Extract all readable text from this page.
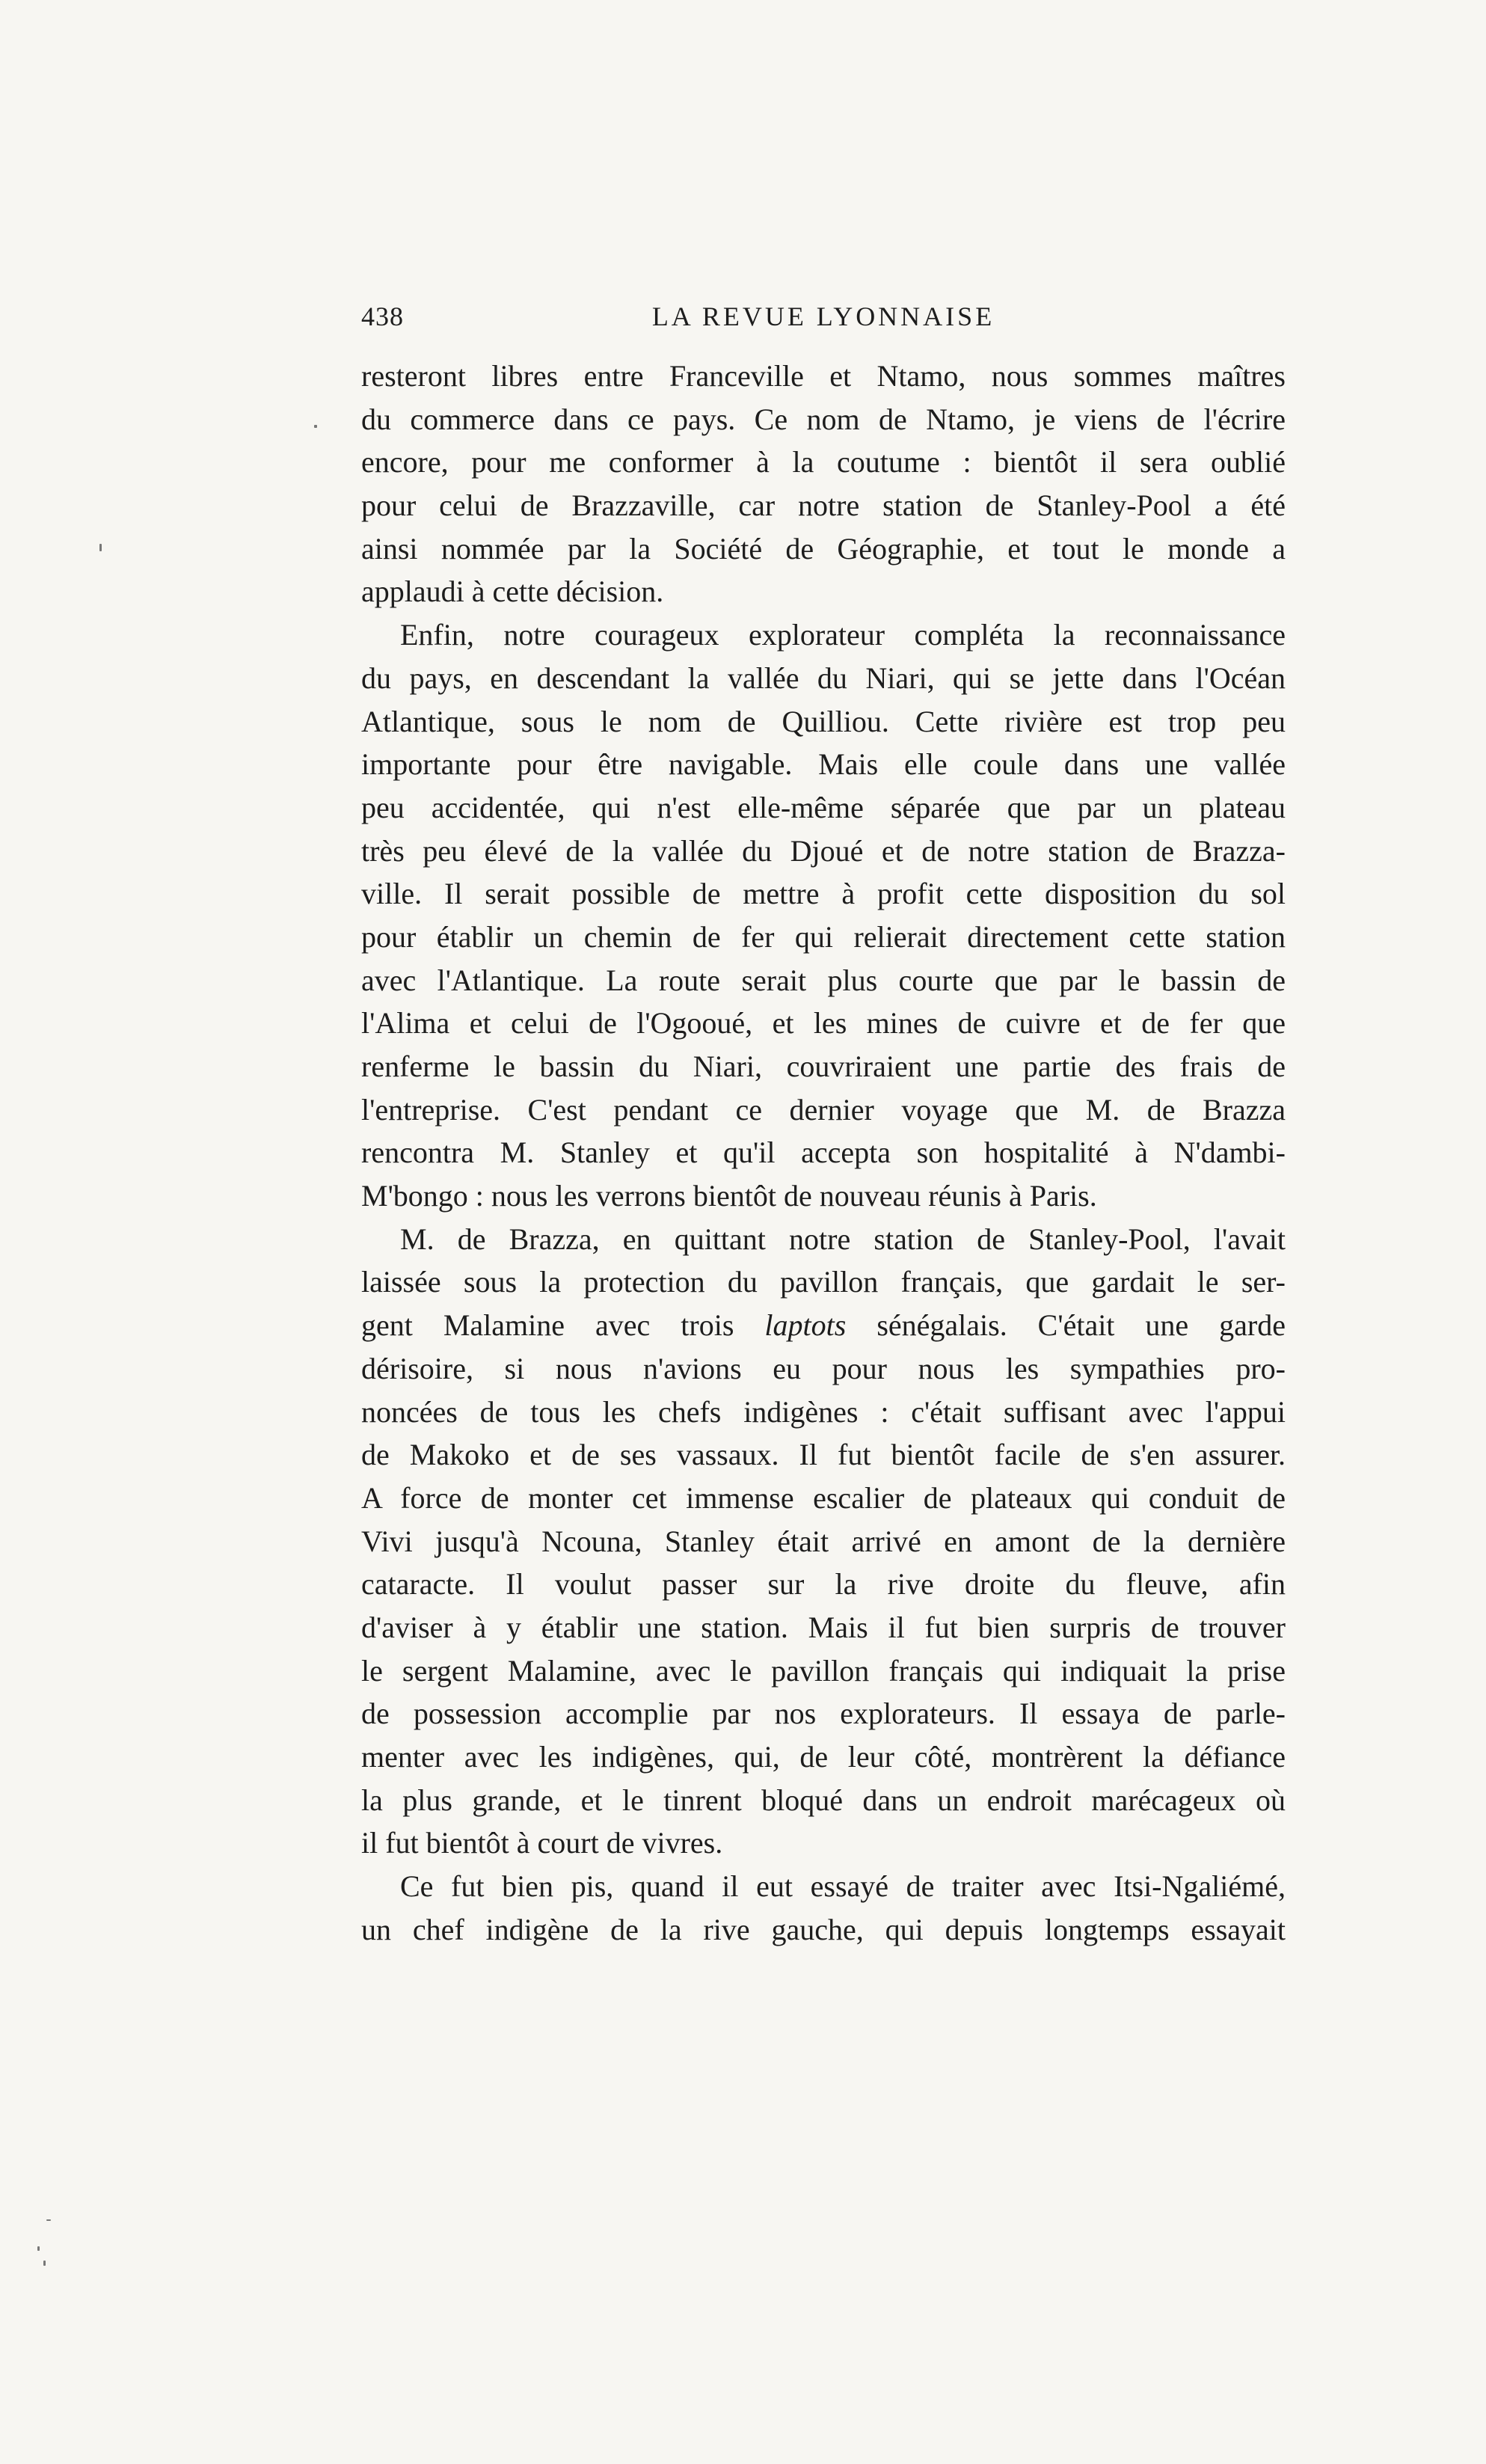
438	LA REVUE LYONNAISE
resteront libres entre Franceville et Ntamo, nous sommes maîtres
du commerce dans ce pays. Ce nom de Ntamo, je viens de l'écrire
encore, pour me conformer à la coutume : bientôt il sera oublié
pour celui de Brazzaville, car notre station de Stanley-Pool a été
ainsi nommée par la Société de Géographie, et tout le monde a
applaudi à cette décision.
Enfin, notre courageux explorateur compléta la reconnaissance
du pays, en descendant la vallée du Niari, qui se jette dans l'Océan
Atlantique, sous le nom de Quilliou. Cette rivière est trop peu
importante pour être navigable. Mais elle coule dans une vallée
peu accidentée, qui n'est elle-même séparée que par un plateau
très peu élevé de la vallée du Djoué et de notre station de Brazza-
ville. Il serait possible de mettre à profit cette disposition du sol
pour établir un chemin de fer qui relierait directement cette station
avec l'Atlantique. La route serait plus courte que par le bassin de
l'Alima et celui de l'Ogooué, et les mines de cuivre et de fer que
renferme le bassin du Niari, couvriraient une partie des frais de
l'entreprise. C'est pendant ce dernier voyage que M. de Brazza
rencontra M. Stanley et qu'il accepta son hospitalité à N'dambi-
M'bongo : nous les verrons bientôt de nouveau réunis à Paris.
M. de Brazza, en quittant notre station de Stanley-Pool, l'avait
laissée sous la protection du pavillon français, que gardait le ser-
gent Malamine avec trois laptots sénégalais. C'était une garde
dérisoire, si nous n'avions eu pour nous les sympathies pro-
noncées de tous les chefs indigènes : c'était suffisant avec l'appui
de Makoko et de ses vassaux. Il fut bientôt facile de s'en assurer.
A force de monter cet immense escalier de plateaux qui conduit de
Vivi jusqu'à Ncouna, Stanley était arrivé en amont de la dernière
cataracte. Il voulut passer sur la rive droite du fleuve, afin
d'aviser à y établir une station. Mais il fut bien surpris de trouver
le sergent Malamine, avec le pavillon français qui indiquait la prise
de possession accomplie par nos explorateurs. Il essaya de parle-
menter avec les indigènes, qui, de leur côté, montrèrent la défiance
la plus grande, et le tinrent bloqué dans un endroit marécageux où
il fut bientôt à court de vivres.
Ce fut bien pis, quand il eut essayé de traiter avec Itsi-Ngaliémé,
un chef indigène de la rive gauche, qui depuis longtemps essayait
